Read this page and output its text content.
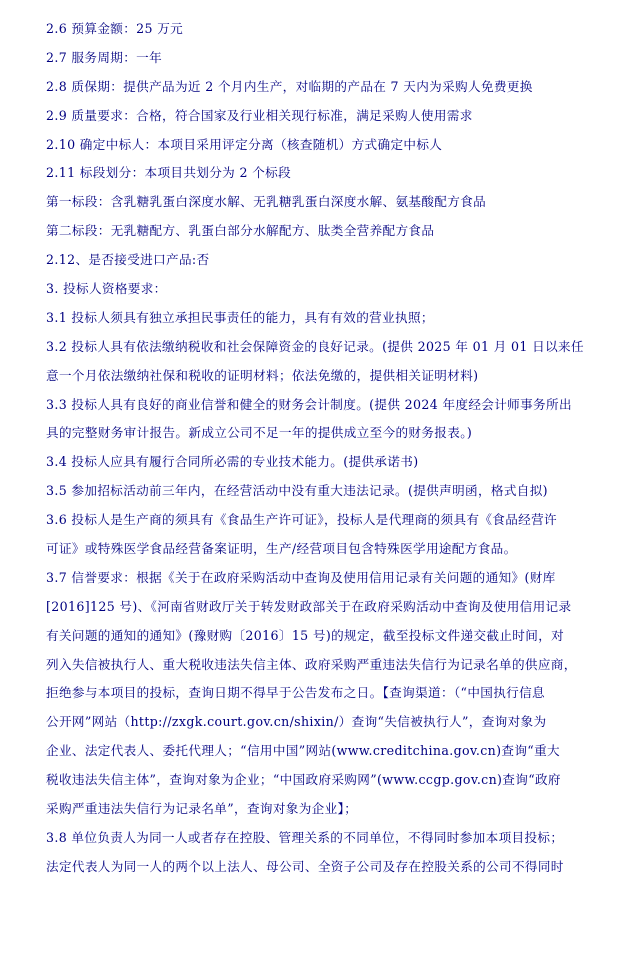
2.6 预算金额：25 万元
2.7 服务周期：一年
2.8 质保期：提供产品为近 2 个月内生产，对临期的产品在 7 天内为采购人免费更换
2.9 质量要求：合格，符合国家及行业相关现行标准，满足采购人使用需求
2.10 确定中标人：本项目采用评定分离（核查随机）方式确定中标人
2.11 标段划分：本项目共划分为 2 个标段
第一标段：含乳糖乳蛋白深度水解、无乳糖乳蛋白深度水解、氨基酸配方食品
第二标段：无乳糖配方、乳蛋白部分水解配方、肽类全营养配方食品
2.12、是否接受进口产品:否
3. 投标人资格要求：
3.1 投标人须具有独立承担民事责任的能力，具有有效的营业执照；
3.2 投标人具有依法缴纳税收和社会保障资金的良好记录。(提供 2025 年 01 月 01 日以来任
意一个月依法缴纳社保和税收的证明材料；依法免缴的，提供相关证明材料)
3.3 投标人具有良好的商业信誉和健全的财务会计制度。(提供 2024 年度经会计师事务所出
具的完整财务审计报告。新成立公司不足一年的提供成立至今的财务报表。)
3.4 投标人应具有履行合同所必需的专业技术能力。(提供承诺书)
3.5 参加招标活动前三年内，在经营活动中没有重大违法记录。(提供声明函，格式自拟)
3.6 投标人是生产商的须具有《食品生产许可证》，投标人是代理商的须具有《食品经营许
可证》或特殊医学食品经营备案证明，生产/经营项目包含特殊医学用途配方食品。
3.7 信誉要求：根据《关于在政府采购活动中查询及使用信用记录有关问题的通知》(财库
[2016]125 号)、《河南省财政厅关于转发财政部关于在政府采购活动中查询及使用信用记录
有关问题的通知的通知》(豫财购〔2016〕15 号)的规定，截至投标文件递交截止时间，对
列入失信被执行人、重大税收违法失信主体、政府采购严重违法失信行为记录名单的供应商，
拒绝参与本项目的投标，查询日期不得早于公告发布之日。【查询渠道：（“中国执行信息
公开网”网站（http://zxgk.court.gov.cn/shixin/）查询“失信被执行人”，查询对象为
企业、法定代表人、委托代理人；“信用中国”网站(www.creditchina.gov.cn)查询“重大
税收违法失信主体”，查询对象为企业；“中国政府采购网”(www.ccgp.gov.cn)查询“政府
采购严重违法失信行为记录名单”，查询对象为企业】；
3.8 单位负责人为同一人或者存在控股、管理关系的不同单位，不得同时参加本项目投标；
法定代表人为同一人的两个以上法人、母公司、全资子公司及存在控股关系的公司不得同时
